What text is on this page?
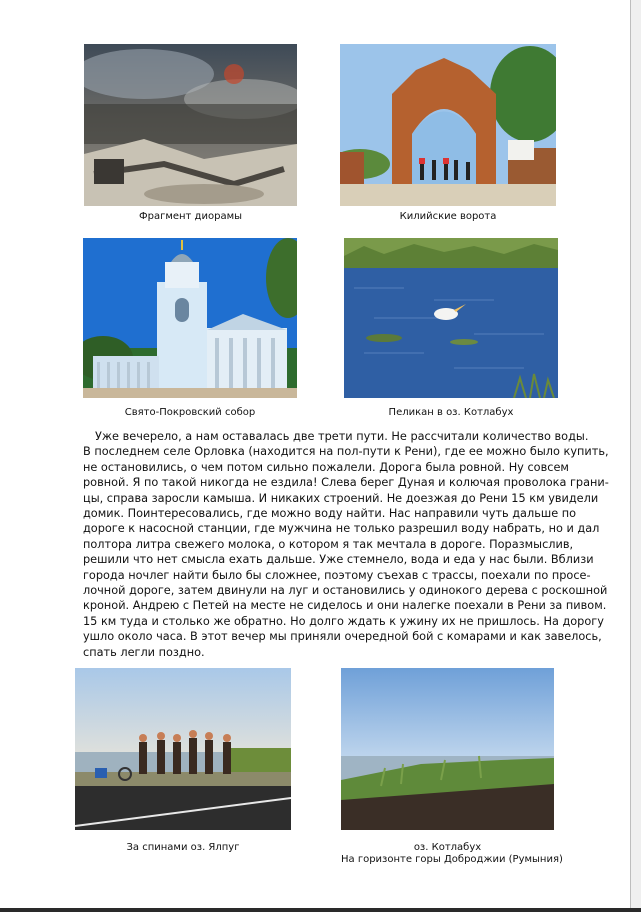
Фрагмент диорамы	Килийские ворота
Свято-Покровский собор	Пеликан в оз. Котлабух
Уже вечерело, а нам оставалась две трети пути. Не рассчитали количество воды.
В последнем селе Орловка (находится на пол-пути к Рени), где ее можно было купить,
не остановились, о чем потом сильно пожалели. Дорога была ровной. Ну совсем
ровной. Я по такой никогда не ездила! Слева берег Дуная и колючая проволока грани-
цы, справа заросли камыша. И никаких строений. Не доезжая до Рени 15 км увидели
домик. Поинтересовались, где можно воду найти. Нас направили чуть дальше по
дороге к насосной станции, где мужчина не только разрешил воду набрать, но и дал
полтора литра свежего молока, о котором я так мечтала в дороге. Поразмыслив,
решили что нет смысла ехать дальше. Уже стемнело, вода и еда у нас были. Вблизи
города ночлег найти было бы сложнее, поэтому съехав с трассы, поехали по просе-
лочной дороге, затем двинули на луг и остановились у одинокого дерева с роскошной
кроной. Андрею с Петей на месте не сиделось и они налегке поехали в Рени за пивом.
15 км туда и столько же обратно. Но долго ждать к ужину их не пришлось. На дорогу
ушло около часа. В этот вечер мы приняли очередной бой с комарами и как завелось,
спать легли поздно.
За спинами оз. Ялпуг	оз. Котлабух
На горизонте горы Доброджии (Румыния)
